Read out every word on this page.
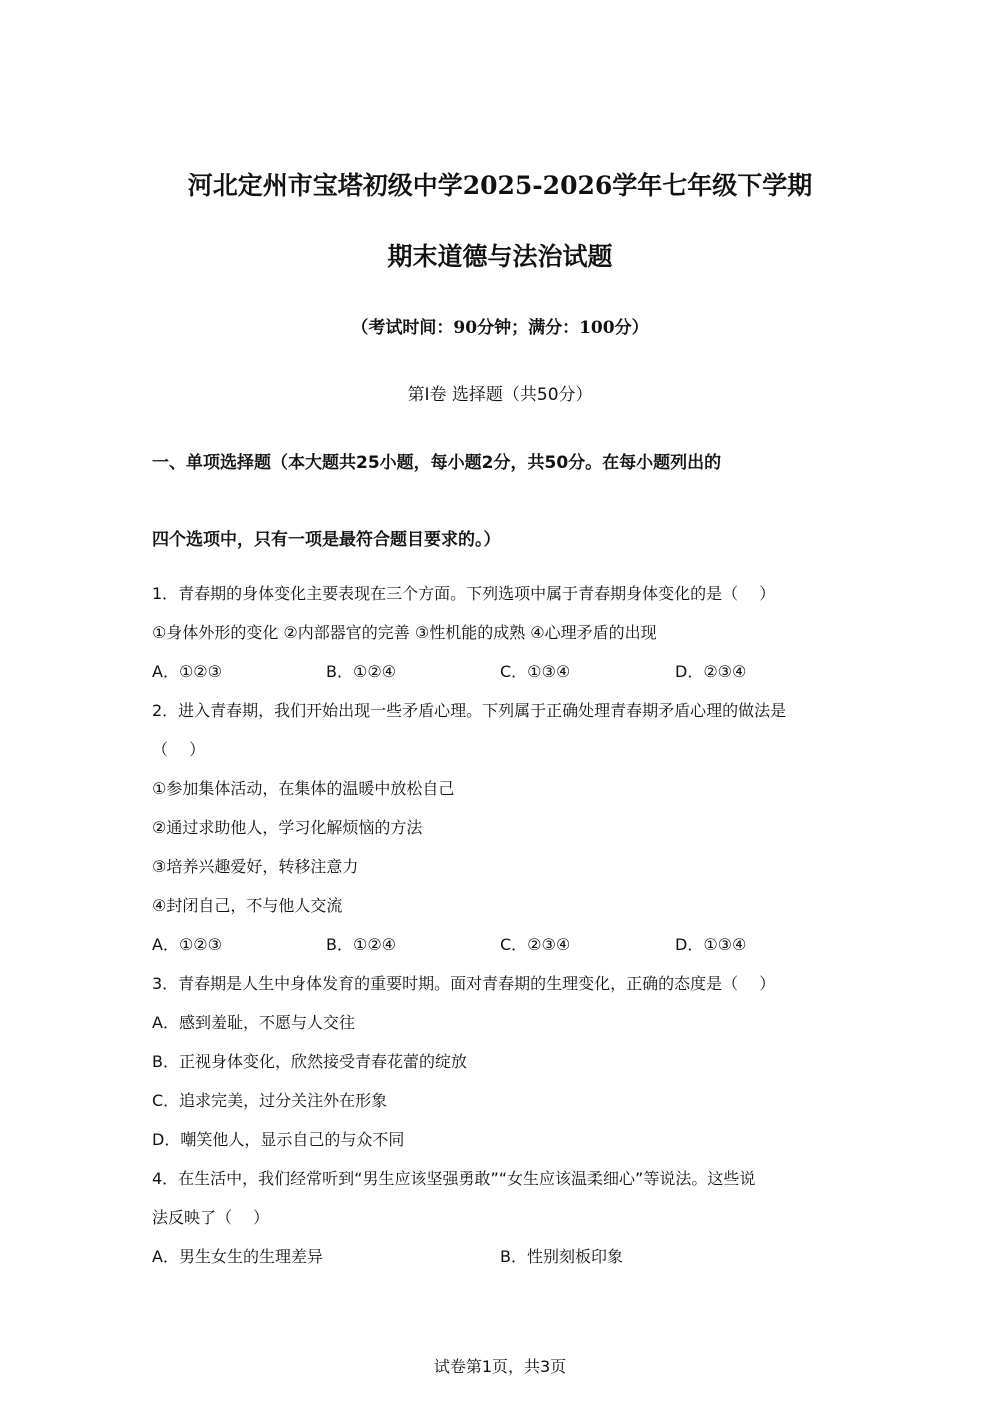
河北定州市宝塔初级中学2025-2026学年七年级下学期
期末道德与法治试题
（考试时间：90分钟；满分：100分）
第I卷 选择题（共50分）
一、单项选择题（本大题共25小题，每小题2分，共50分。在每小题列出的
四个选项中，只有一项是最符合题目要求的。）
1．青春期的身体变化主要表现在三个方面。下列选项中属于青春期身体变化的是（　 ）
①身体外形的变化 ②内部器官的完善 ③性机能的成熟 ④心理矛盾的出现
A．①②③	B．①②④	C．①③④	D．②③④
2．进入青春期，我们开始出现一些矛盾心理。下列属于正确处理青春期矛盾心理的做法是
（　 ）
①参加集体活动，在集体的温暖中放松自己
②通过求助他人，学习化解烦恼的方法
③培养兴趣爱好，转移注意力
④封闭自己，不与他人交流
A．①②③	B．①②④	C．②③④	D．①③④
3．青春期是人生中身体发育的重要时期。面对青春期的生理变化，正确的态度是（　 ）
A．感到羞耻，不愿与人交往
B．正视身体变化，欣然接受青春花蕾的绽放
C．追求完美，过分关注外在形象
D．嘲笑他人，显示自己的与众不同
4．在生活中，我们经常听到“男生应该坚强勇敢”“女生应该温柔细心”等说法。这些说
法反映了（　 ）
A．男生女生的生理差异	B．性别刻板印象
试卷第1页，共3页
